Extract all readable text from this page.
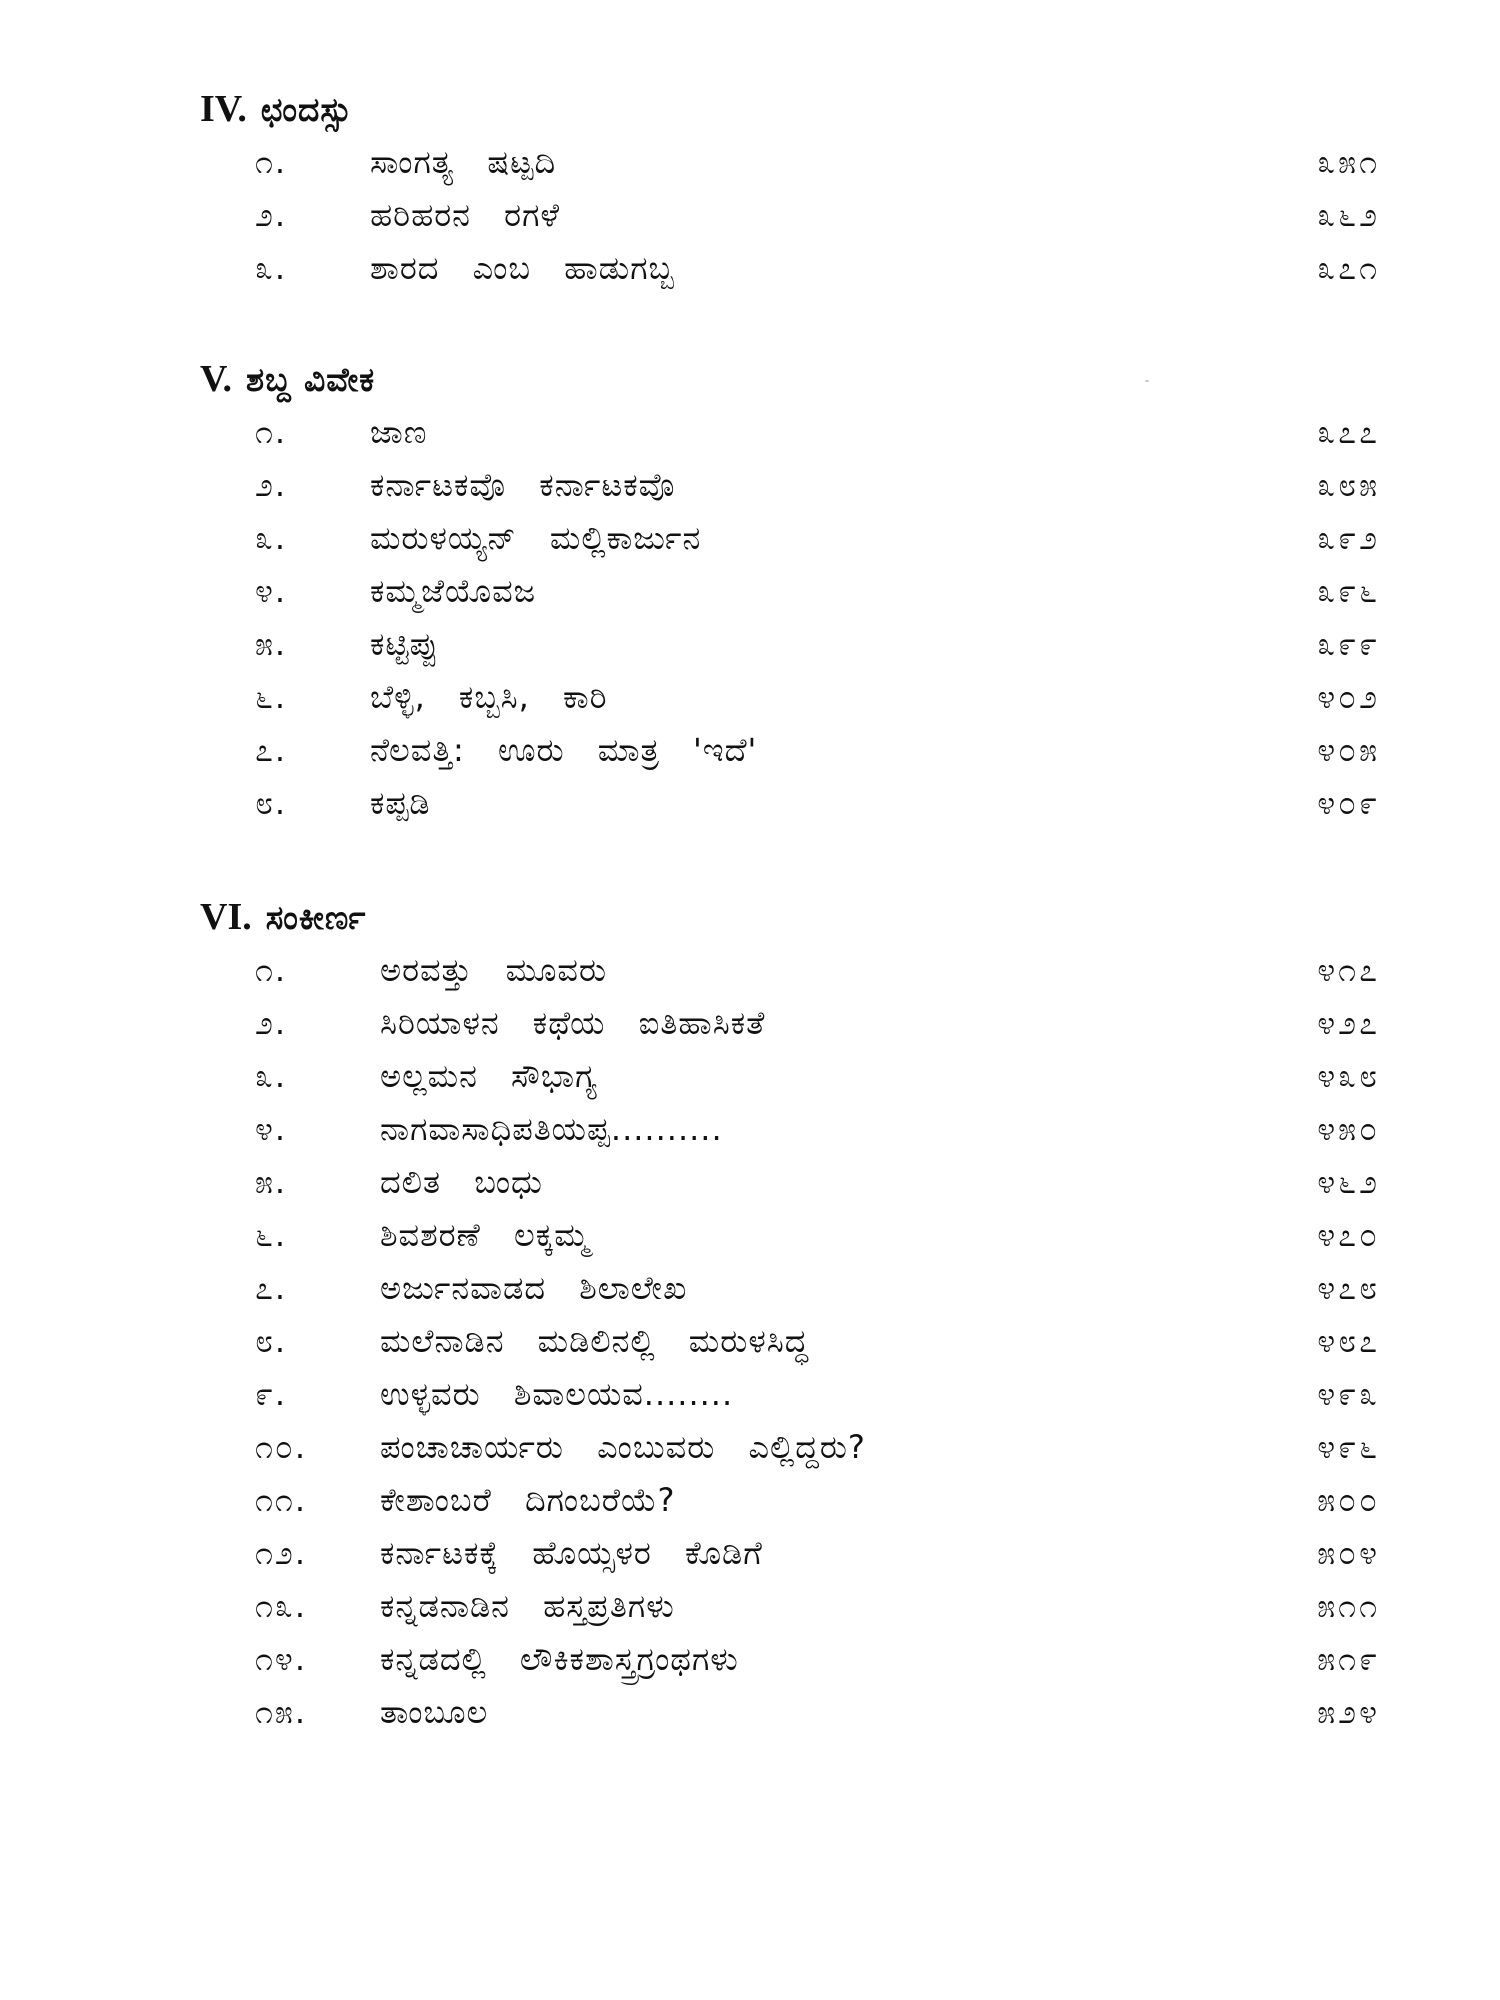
IV. ಛಂದಸ್ಸು
೧.	ಸಾಂಗತ್ಯ ಷಟ್ಪದಿ	೩೫೧
೨.	ಹರಿಹರನ ರಗಳೆ	೩೬೨
೩.	ಶಾರದ ಎಂಬ ಹಾಡುಗಬ್ಬ	೩೭೧
V. ಶಬ್ದ ವಿವೇಕ
೧.	ಜಾಣ	೩೭೭
೨.	ಕರ್ನಾಟಕವೊ ಕರ್ನಾಟಕವೊ	೩೮೫
೩.	ಮರುಳಯ್ಯನ್ ಮಲ್ಲಿಕಾರ್ಜುನ	೩೯೨
೪.	ಕಮ್ಮಜೆಯೊವಜ	೩೯೬
೫.	ಕಟ್ಟಿಪ್ಪು	೩೯೯
೬.	ಬೆಳ್ಳಿ, ಕಬ್ಬಸಿ, ಕಾರಿ	೪೦೨
೭.	ನೆಲವತ್ತಿ: ಊರು ಮಾತ್ರ 'ಇದೆ'	೪೦೫
೮.	ಕಪ್ಪಡಿ	೪೦೯
VI. ಸಂಕೀರ್ಣ
೧.	ಅರವತ್ತು ಮೂವರು	೪೧೭
೨.	ಸಿರಿಯಾಳನ ಕಥೆಯ ಐತಿಹಾಸಿಕತೆ	೪೨೭
೩.	ಅಲ್ಲಮನ ಸೌಭಾಗ್ಯ	೪೩೮
೪.	ನಾಗವಾಸಾಧಿಪತಿಯಪ್ಪ..........	೪೫೦
೫.	ದಲಿತ ಬಂಧು	೪೬೨
೬.	ಶಿವಶರಣೆ ಲಕ್ಕಮ್ಮ	೪೭೦
೭.	ಅರ್ಜುನವಾಡದ ಶಿಲಾಲೇಖ	೪೭೮
೮.	ಮಲೆನಾಡಿನ ಮಡಿಲಿನಲ್ಲಿ ಮರುಳಸಿದ್ಧ	೪೮೭
೯.	ಉಳ್ಳವರು ಶಿವಾಲಯವ........	೪೯೩
೧೦. ಪಂಚಾಚಾರ್ಯರು ಎಂಬುವರು ಎಲ್ಲಿದ್ದರು?	೪೯೬
೧೧. ಕೇಶಾಂಬರೆ ದಿಗಂಬರೆಯೆ?	೫೦೦
೧೨. ಕರ್ನಾಟಕಕ್ಕೆ ಹೊಯ್ಸಳರ ಕೊಡಿಗೆ	೫೦೪
೧೩. ಕನ್ನಡನಾಡಿನ ಹಸ್ತಪ್ರತಿಗಳು	೫೧೧
೧೪. ಕನ್ನಡದಲ್ಲಿ ಲೌಕಿಕಶಾಸ್ತ್ರಗ್ರಂಥಗಳು	೫೧೯
೧೫. ತಾಂಬೂಲ	೫೨೪
